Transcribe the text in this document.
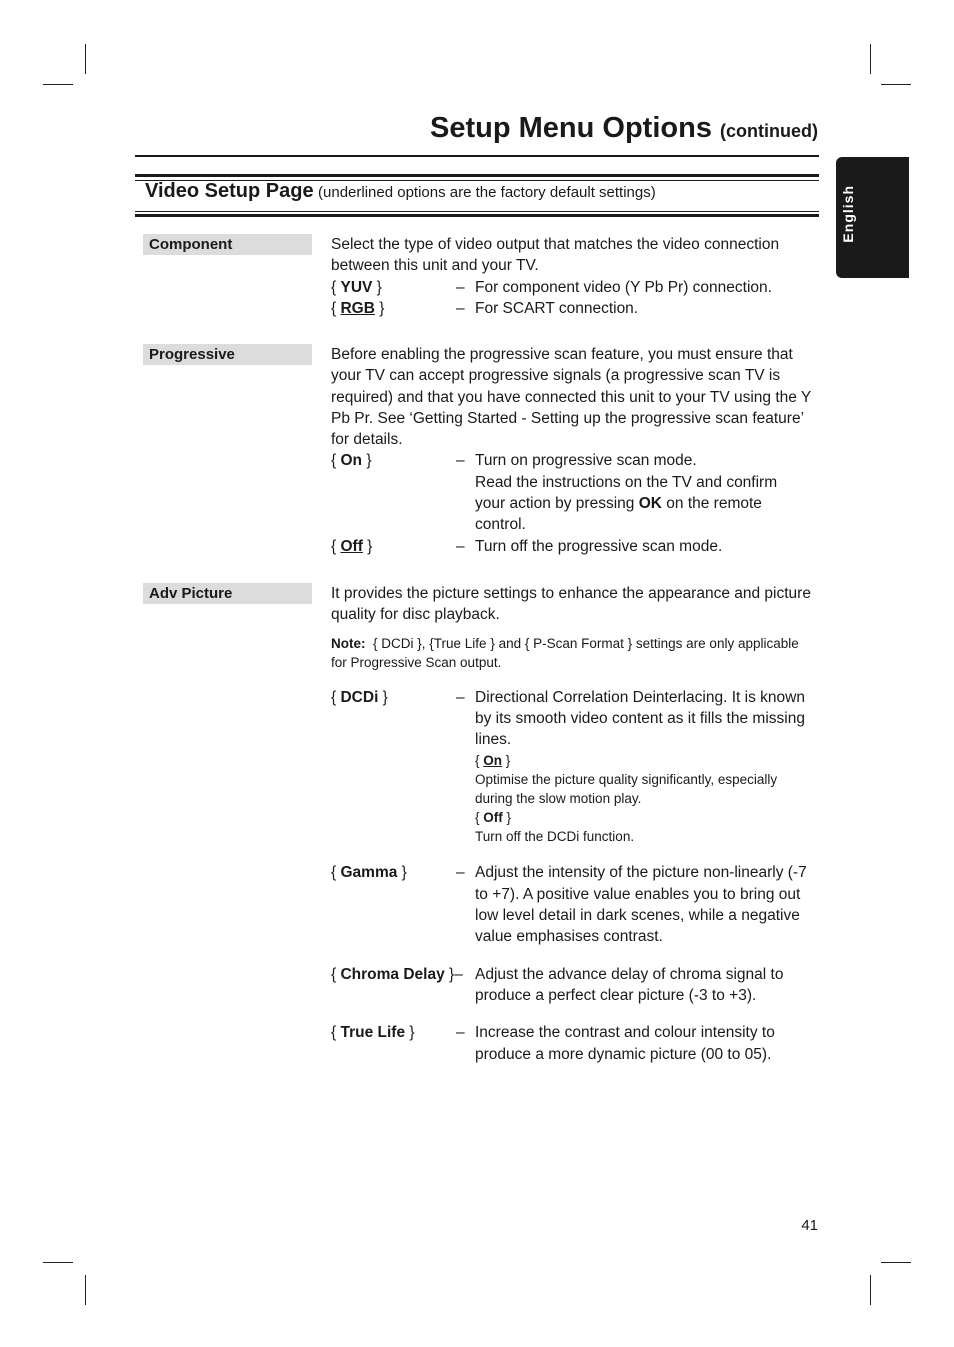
Setup Menu Options (continued)
Video Setup Page (underlined options are the factory default settings)	English
Component	Select the type of video output that matches the video connection between this unit and your TV.
{ YUV }	– For component video (Y Pb Pr) connection.
{ RGB }	– For SCART connection.
Progressive	Before enabling the progressive scan feature, you must ensure that your TV can accept progressive signals (a progressive scan TV is required) and that you have connected this unit to your TV using the Y Pb Pr. See ‘Getting Started - Setting up the progressive scan feature’ for details.
{ On }	– Turn on progressive scan mode.
Read the instructions on the TV and confirm your action by pressing OK on the remote control.
{ Off }	– Turn off the progressive scan mode.
Adv Picture	It provides the picture settings to enhance the appearance and picture quality for disc playback.
Note: { DCDi }, {True Life } and { P-Scan Format } settings are only applicable for Progressive Scan output.
{ DCDi }	– Directional Correlation Deinterlacing. It is known by its smooth video content as it fills the missing lines.
{ On }
Optimise the picture quality significantly, especially during the slow motion play.
{ Off }
Turn off the DCDi function.
{ Gamma }	– Adjust the intensity of the picture non-linearly (-7 to +7). A positive value enables you to bring out low level detail in dark scenes, while a negative value emphasises contrast.
{ Chroma Delay }– Adjust the advance delay of chroma signal to produce a perfect clear picture (-3 to +3).
{ True Life }	– Increase the contrast and colour intensity to produce a more dynamic picture (00 to 05).
41
